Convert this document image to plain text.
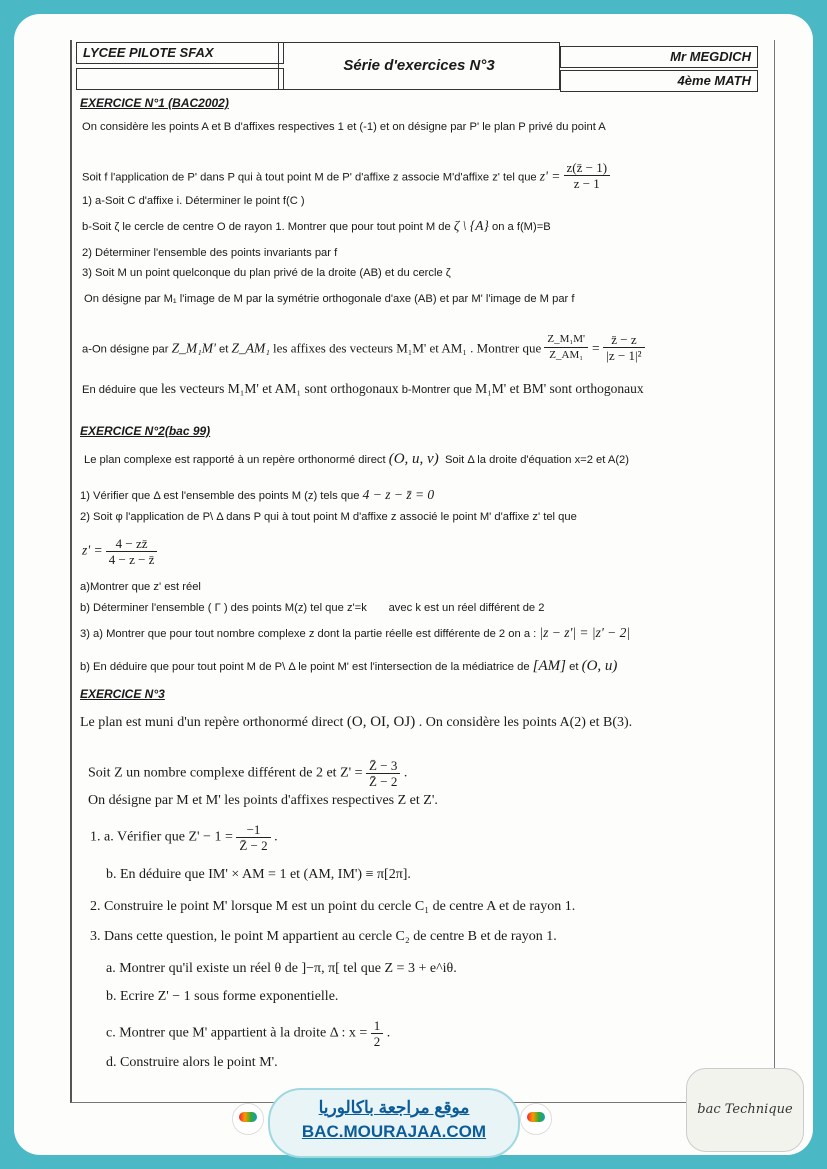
LYCEE PILOTE SFAX
Série d'exercices N°3
Mr MEGDICH
4ème MATH
EXERCICE N°1 (BAC2002)
On considère les points A et B d'affixes respectives 1 et (-1) et on désigne par P' le plan P privé du point A
Soit f l'application de P' dans P qui à tout point M de P' d'affixe z associe M'd'affixe z' tel que $z' = \frac{z(z̄ - 1)}{z - 1}$
1) a-Soit C d'affixe i. Déterminer le point f(C )
b-Soit ζ le cercle de centre O de rayon 1. Montrer que pour tout point M de ζ \ {A} on a f(M)=B
2) Déterminer l'ensemble des points invariants par f
3) Soit M un point quelconque du plan privé de la droite (AB) et du cercle ζ
On désigne par M₁ l'image de M par la symétrie orthogonale d'axe (AB) et par M' l'image de M par f
a-On désigne par Z_M₁M' et Z_AM₁ les affixes des vecteurs M₁M' et AM₁ . Montrer que $\frac{\text{Z\_M₁M'}}{\text{Z\_AM₁}} = \frac{z̄ - z}{\text{|z − 1|²}}$
En déduire que les vecteurs M₁M' et AM₁ sont orthogonaux b-Montrer que M₁M' et BM' sont orthogonaux
EXERCICE N°2(bac 99)
Le plan complexe est rapporté à un repère orthonormé direct (O, u, v) Soit Δ la droite d'équation x=2 et A(2)
1) Vérifier que Δ est l'ensemble des points M (z) tels que 4 − z − z̄ = 0
2) Soit φ l'application de P\ Δ dans P qui à tout point M d'affixe z associé le point M' d'affixe z' tel que
$z' = \frac{4 - zz̄}{4 - z - z̄}$
a)Montrer que z' est réel
b) Déterminer l'ensemble ( Γ ) des points M(z) tel que z'=k avec k est un réel différent de 2
3) a) Montrer que pour tout nombre complexe z dont la partie réelle est différente de 2 on a : |z − z'| = |z' − 2|
b) En déduire que pour tout point M de P\ Δ le point M' est l'intersection de la médiatrice de [AM] et (O, u)
EXERCICE N°3
Le plan est muni d'un repère orthonormé direct (O, OI, OJ) . On considère les points A(2) et B(3).
Soit Z un nombre complexe différent de 2 et $Z' = \frac{Z̄ - 3}{Z̄ - 2}$ .
On désigne par M et M' les points d'affixes respectives Z et Z'.
1. a. Vérifier que $Z' - 1 = \frac{-1}{Z̄ - 2}$ .
b. En déduire que IM' × AM = 1 et (AM, IM') ≡ π[2π].
2. Construire le point M' lorsque M est un point du cercle C₁ de centre A et de rayon 1.
3. Dans cette question, le point M appartient au cercle C₂ de centre B et de rayon 1.
a. Montrer qu'il existe un réel θ de ]−π, π[ tel que Z = 3 + e^iθ.
b. Ecrire Z' − 1 sous forme exponentielle.
c. Montrer que M' appartient à la droite Δ : $x = \frac{1}{2}$ .
d. Construire alors le point M'.
موقع مراجعة باكالوريا
BAC.MOURAJAA.COM
bac Technique
